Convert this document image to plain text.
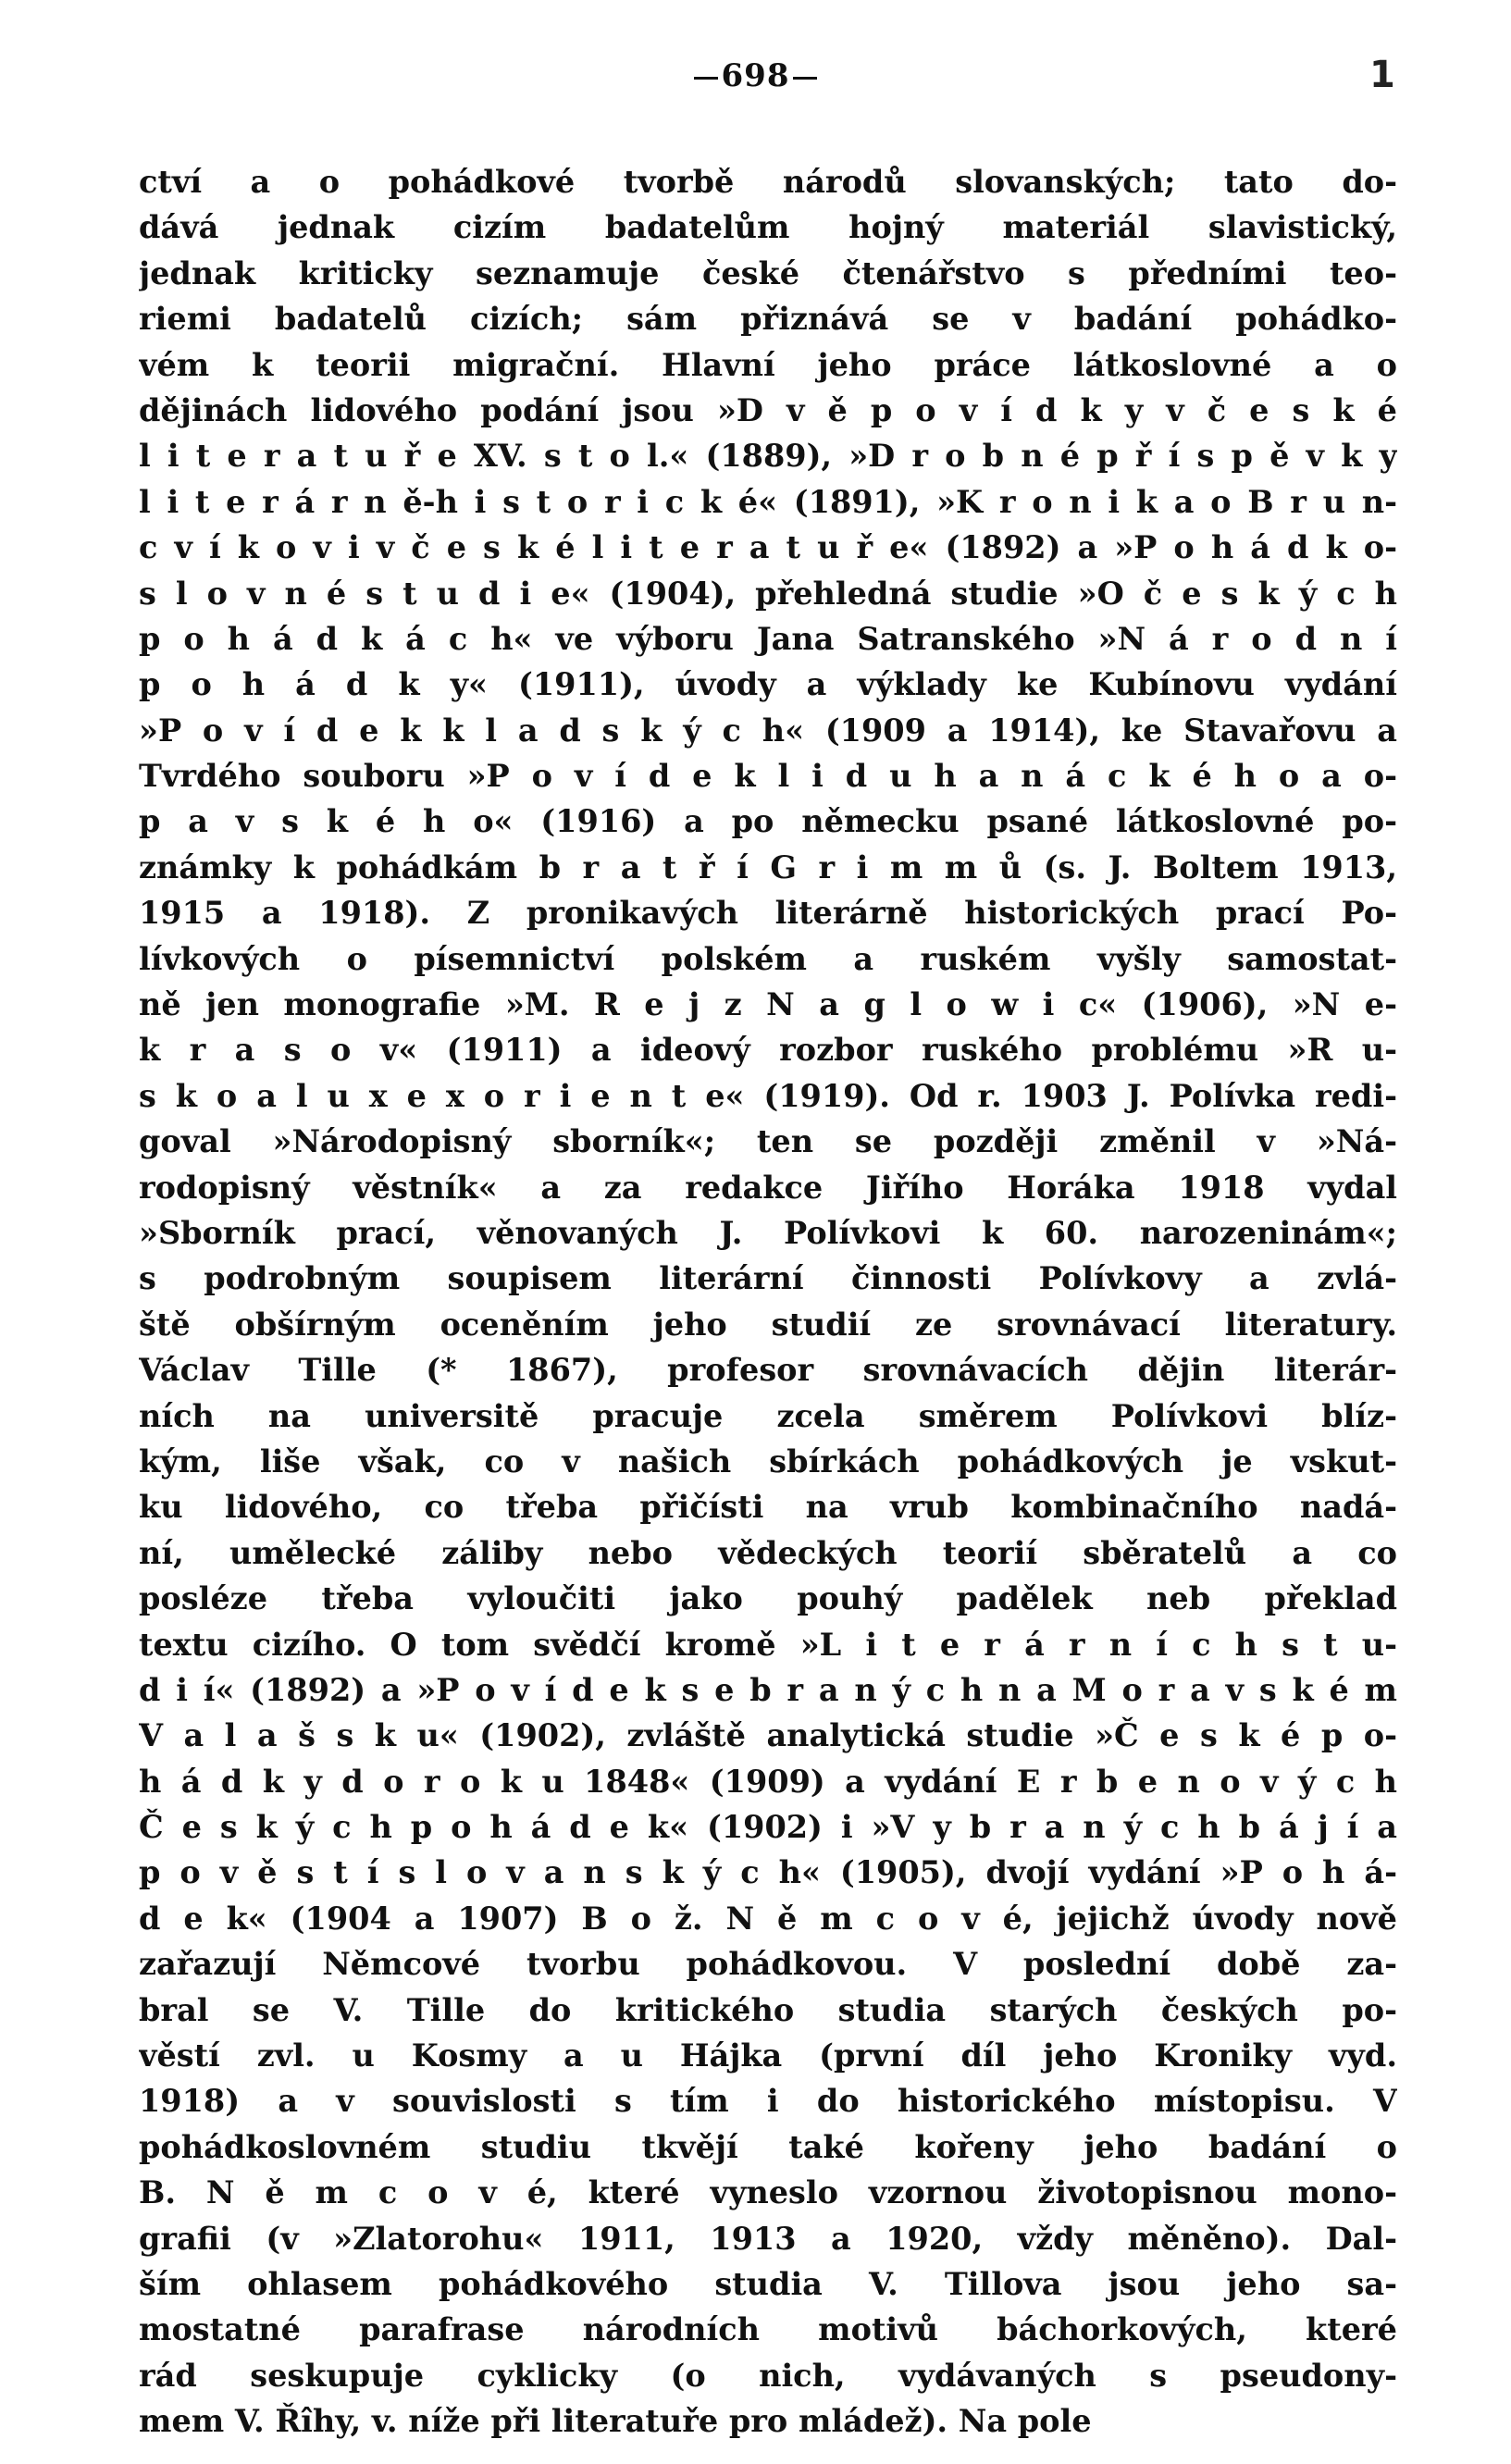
698	1
ctví a o pohádkové tvorbě národů slovanských; tato do-
dává jednak cizím badatelům hojný materiál slavistický,
jednak kriticky seznamuje české čtenářstvo s předními teo-
riemi badatelů cizích; sám přiznává se v badání pohádko-
vém k teorii migrační. Hlavní jeho práce látkoslovné a o
dějinách lidového podání jsou »D v ě p o v í d k y v č e s k é
l i t e r a t u ř e XV. s t o l.« (1889), »D r o b n é p ř í s p ě v k y
l i t e r á r n ě-h i s t o r i c k é« (1891), »K r o n i k a o B r u n-
c v í k o v i v č e s k é l i t e r a t u ř e« (1892) a »P o h á d k o-
s l o v n é s t u d i e« (1904), přehledná studie »O č e s k ý c h
p o h á d k á c h« ve výboru Jana Satranského »N á r o d n í
p o h á d k y« (1911), úvody a výklady ke Kubínovu vydání
»P o v í d e k k l a d s k ý c h« (1909 a 1914), ke Stavařovu a
Tvrdého souboru »P o v í d e k l i d u h a n á c k é h o a o-
p a v s k é h o« (1916) a po německu psané látkoslovné po-
známky k pohádkám b r a t ř í G r i m m ů (s. J. Boltem 1913,
1915 a 1918). Z pronikavých literárně historických prací Po-
lívkových o písemnictví polském a ruském vyšly samostat-
ně jen monografie »M. R e j z N a g l o w i c« (1906), »N e-
k r a s o v« (1911) a ideový rozbor ruského problému »R u-
s k o a l u x e x o r i e n t e« (1919). Od r. 1903 J. Polívka redi-
goval »Národopisný sborník«; ten se později změnil v »Ná-
rodopisný věstník« a za redakce Jiřího Horáka 1918 vydal
»Sborník prací, věnovaných J. Polívkovi k 60. narozeninám«;
s podrobným soupisem literární činnosti Polívkovy a zvlá-
ště obšírným oceněním jeho studií ze srovnávací literatury.
Václav Tille (* 1867), profesor srovnávacích dějin literár-
ních na universitě pracuje zcela směrem Polívkovi blíz-
kým, liše však, co v našich sbírkách pohádkových je vskut-
ku lidového, co třeba přičísti na vrub kombinačního nadá-
ní, umělecké záliby nebo vědeckých teorií sběratelů a co
posléze třeba vyloučiti jako pouhý padělek neb překlad
textu cizího. O tom svědčí kromě »L i t e r á r n í c h s t u-
d i í« (1892) a »P o v í d e k s e b r a n ý c h n a M o r a v s k é m
V a l a š s k u« (1902), zvláště analytická studie »Č e s k é p o-
h á d k y d o r o k u 1848« (1909) a vydání E r b e n o v ý c h
Č e s k ý c h p o h á d e k« (1902) i »V y b r a n ý c h b á j í a
p o v ě s t í s l o v a n s k ý c h« (1905), dvojí vydání »P o h á-
d e k« (1904 a 1907) B o ž. N ě m c o v é, jejichž úvody nově
zařazují Němcové tvorbu pohádkovou. V poslední době za-
bral se V. Tille do kritického studia starých českých po-
věstí zvl. u Kosmy a u Hájka (první díl jeho Kroniky vyd.
1918) a v souvislosti s tím i do historického místopisu. V
pohádkoslovném studiu tkvějí také kořeny jeho badání o
B. N ě m c o v é, které vyneslo vzornou životopisnou mono-
grafii (v »Zlatorohu« 1911, 1913 a 1920, vždy měněno). Dal-
ším ohlasem pohádkového studia V. Tillova jsou jeho sa-
mostatné parafrase národních motivů báchorkových, které
rád seskupuje cyklicky (o nich, vydávaných s pseudony-
mem V. Řîhy, v. níže při literatuře pro mládež). Na pole
